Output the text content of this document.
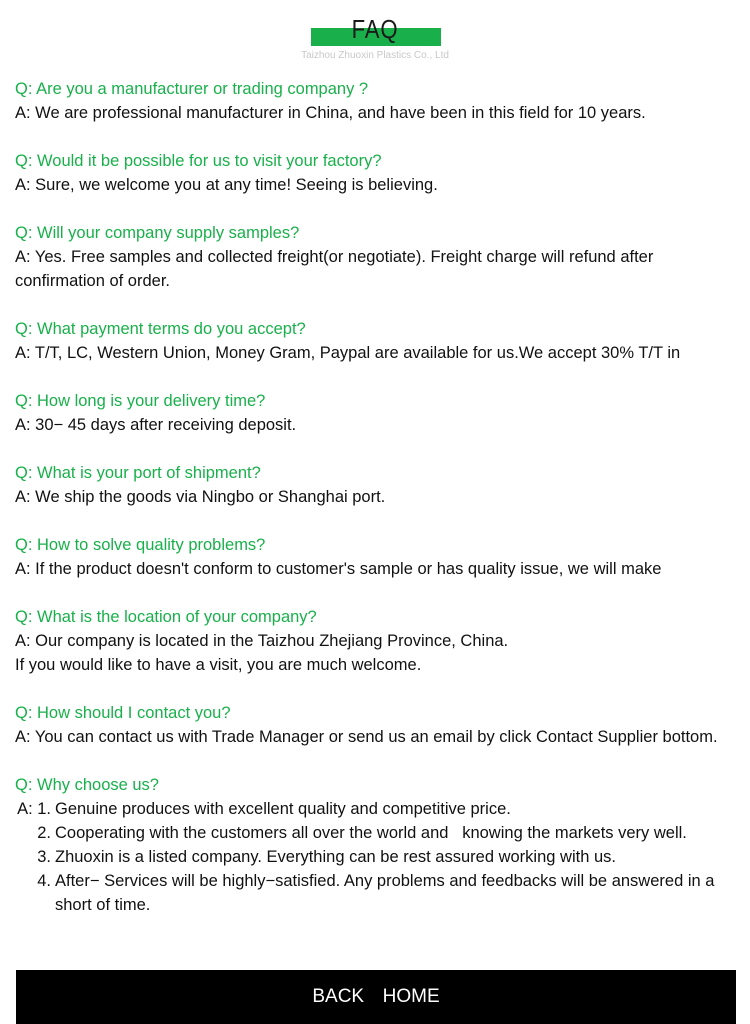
FAQ
Taizhou Zhuoxin Plastics Co., Ltd
Q: Are you a manufacturer or trading company ?
A: We are professional manufacturer in China, and have been in this field for 10 years.
Q: Would it be possible for us to visit your factory?
A: Sure, we welcome you at any time! Seeing is believing.
Q: Will your company supply samples?
A: Yes. Free samples and collected freight(or negotiate). Freight charge will refund after confirmation of order.
Q: What payment terms do you accept?
A: T/T, LC, Western Union, Money Gram, Paypal are available for us.We accept 30% T/T in
Q: How long is your delivery time?
A: 30− 45 days after receiving deposit.
Q: What is your port of shipment?
A: We ship the goods via Ningbo or Shanghai port.
Q: How to solve quality problems?
A: If the product doesn't conform to customer's sample or has quality issue, we will make
Q: What is the location of your company?
A: Our company is located in the Taizhou Zhejiang Province, China.
If you would like to have a visit, you are much welcome.
Q: How should I contact you?
A: You can contact us with Trade Manager or send us an email by click Contact Supplier bottom.
Q: Why choose us?
A: 1. Genuine produces with excellent quality and competitive price.
2. Cooperating with the customers all over the world and   knowing the markets very well.
3. Zhuoxin is a listed company. Everything can be rest assured working with us.
4. After− Services will be highly−satisfied. Any problems and feedbacks will be answered in a short of time.
BACK  HOME
